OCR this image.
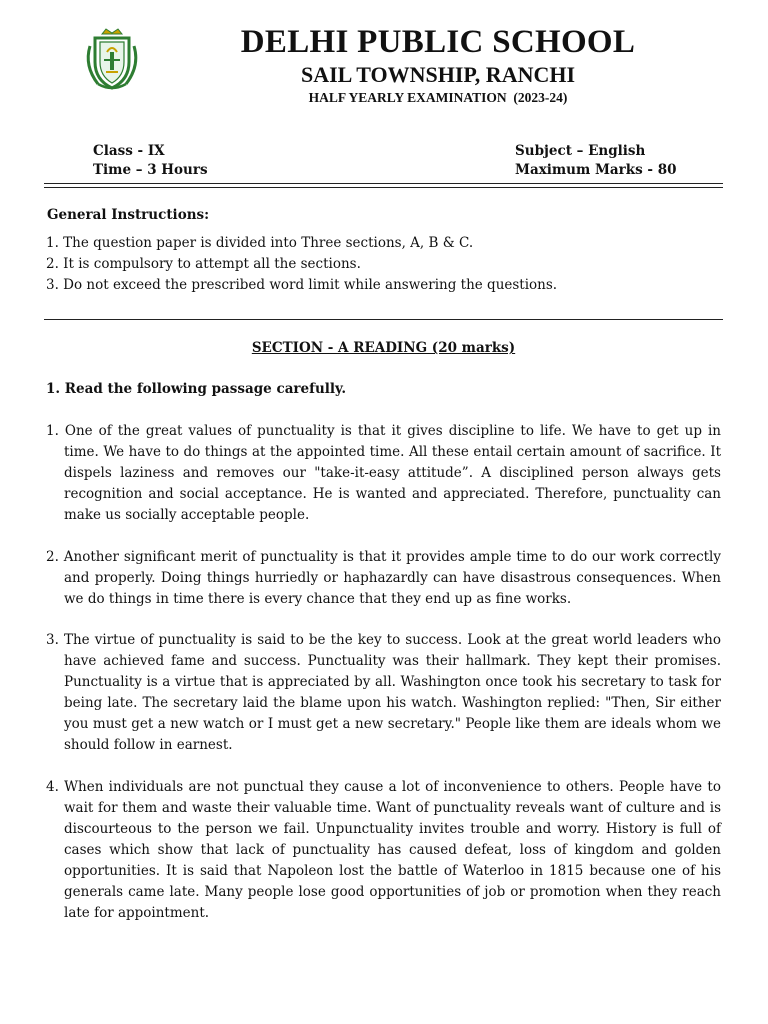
DELHI PUBLIC SCHOOL
SAIL TOWNSHIP, RANCHI
HALF YEARLY EXAMINATION  (2023-24)
Class - IX
Time – 3 Hours
Subject – English
Maximum Marks - 80
General Instructions:
1. The question paper is divided into Three sections, A, B & C.
2. It is compulsory to attempt all the sections.
3. Do not exceed the prescribed word limit while answering the questions.
SECTION - A READING (20 marks)
1. Read the following passage carefully.
1. One of the great values of punctuality is that it gives discipline to life. We have to get up in time. We have to do things at the appointed time. All these entail certain amount of sacrifice. It dispels laziness and removes our "take-it-easy attitude”. A disciplined person always gets recognition and social acceptance. He is wanted and appreciated. Therefore, punctuality can make us socially acceptable people.
2. Another significant merit of punctuality is that it provides ample time to do our work correctly and properly. Doing things hurriedly or haphazardly can have disastrous consequences. When we do things in time there is every chance that they end up as fine works.
3. The virtue of punctuality is said to be the key to success. Look at the great world leaders who have achieved fame and success. Punctuality was their hallmark. They kept their promises. Punctuality is a virtue that is appreciated by all. Washington once took his secretary to task for being late. The secretary laid the blame upon his watch. Washington replied: "Then, Sir either you must get a new watch or I must get a new secretary." People like them are ideals whom we should follow in earnest.
4. When individuals are not punctual they cause a lot of inconvenience to others. People have to wait for them and waste their valuable time. Want of punctuality reveals want of culture and is discourteous to the person we fail. Unpunctuality invites trouble and worry. History is full of cases which show that lack of punctuality has caused defeat, loss of kingdom and golden opportunities. It is said that Napoleon lost the battle of Waterloo in 1815 because one of his generals came late. Many people lose good opportunities of job or promotion when they reach late for appointment.
